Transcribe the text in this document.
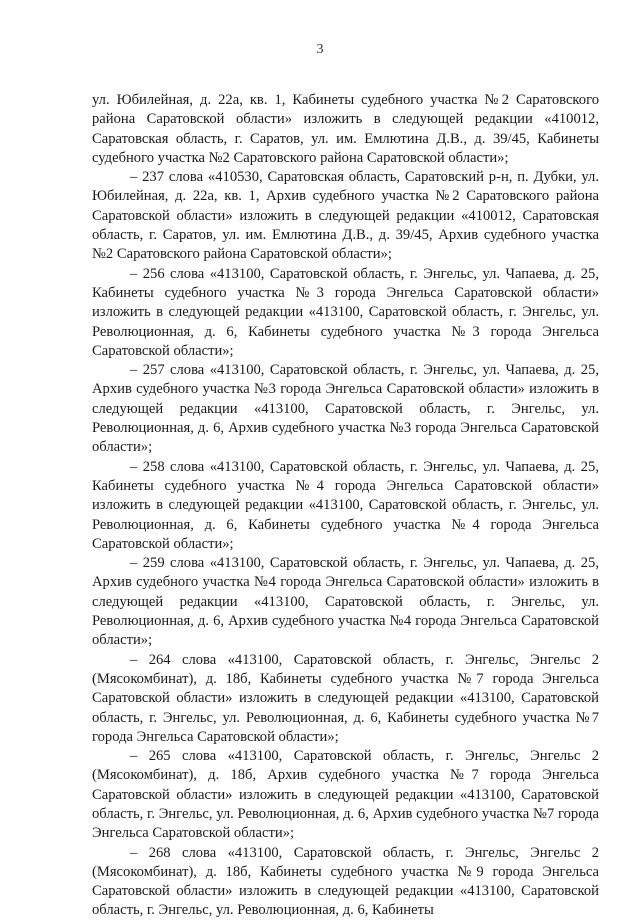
3

ул. Юбилейная, д. 22а, кв. 1, Кабинеты судебного участка №2 Саратовского района Саратовской области» изложить в следующей редакции «410012, Саратовская область, г. Саратов, ул. им. Емлютина Д.В., д. 39/45, Кабинеты судебного участка №2 Саратовского района Саратовской области»;

– 237 слова «410530, Саратовская область, Саратовский р-н, п. Дубки, ул. Юбилейная, д. 22а, кв. 1, Архив судебного участка №2 Саратовского района Саратовской области» изложить в следующей редакции «410012, Саратовская область, г. Саратов, ул. им. Емлютина Д.В., д. 39/45, Архив судебного участка №2 Саратовского района Саратовской области»;

– 256 слова «413100, Саратовской область, г. Энгельс, ул. Чапаева, д. 25, Кабинеты судебного участка №3 города Энгельса Саратовской области» изложить в следующей редакции «413100, Саратовской область, г. Энгельс, ул. Революционная, д. 6, Кабинеты судебного участка №3 города Энгельса Саратовской области»;

– 257 слова «413100, Саратовской область, г. Энгельс, ул. Чапаева, д. 25, Архив судебного участка №3 города Энгельса Саратовской области» изложить в следующей редакции «413100, Саратовской область, г. Энгельс, ул. Революционная, д. 6, Архив судебного участка №3 города Энгельса Саратовской области»;

– 258 слова «413100, Саратовской область, г. Энгельс, ул. Чапаева, д. 25, Кабинеты судебного участка №4 города Энгельса Саратовской области» изложить в следующей редакции «413100, Саратовской область, г. Энгельс, ул. Революционная, д. 6, Кабинеты судебного участка №4 города Энгельса Саратовской области»;

– 259 слова «413100, Саратовской область, г. Энгельс, ул. Чапаева, д. 25, Архив судебного участка №4 города Энгельса Саратовской области» изложить в следующей редакции «413100, Саратовской область, г. Энгельс, ул. Революционная, д. 6, Архив судебного участка №4 города Энгельса Саратовской области»;

– 264 слова «413100, Саратовской область, г. Энгельс, Энгельс 2 (Мясокомбинат), д. 18б, Кабинеты судебного участка №7 города Энгельса Саратовской области» изложить в следующей редакции «413100, Саратовской область, г. Энгельс, ул. Революционная, д. 6, Кабинеты судебного участка №7 города Энгельса Саратовской области»;

– 265 слова «413100, Саратовской область, г. Энгельс, Энгельс 2 (Мясокомбинат), д. 18б, Архив судебного участка №7 города Энгельса Саратовской области» изложить в следующей редакции «413100, Саратовской область, г. Энгельс, ул. Революционная, д. 6, Архив судебного участка №7 города Энгельса Саратовской области»;

– 268 слова «413100, Саратовской область, г. Энгельс, Энгельс 2 (Мясокомбинат), д. 18б, Кабинеты судебного участка №9 города Энгельса Саратовской области» изложить в следующей редакции «413100, Саратовской область, г. Энгельс, ул. Революционная, д. 6, Кабинеты
